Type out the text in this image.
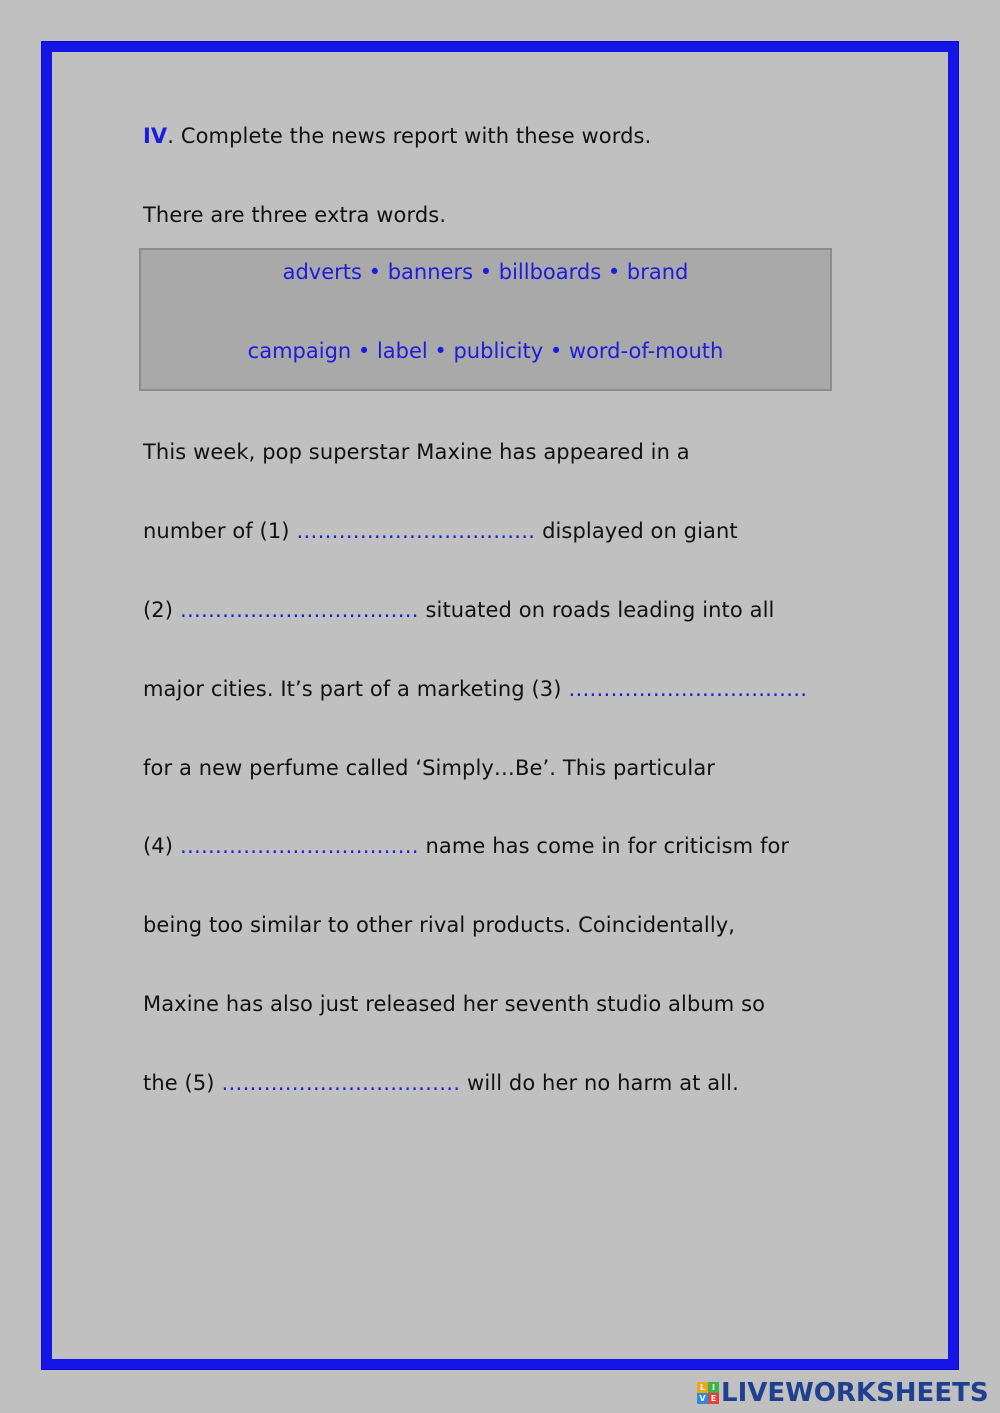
IV. Complete the news report with these words.
There are three extra words.
adverts • banners • billboards • brand
campaign • label • publicity • word-of-mouth
This week, pop superstar Maxine has appeared in a
number of (1) ……………………….…… displayed on giant
(2) ……………………….…… situated on roads leading into all
major cities. It’s part of a marketing (3) ……………………….……
for a new perfume called ‘Simply…Be’. This particular
(4) ……………………….…… name has come in for criticism for
being too similar to other rival products. Coincidentally,
Maxine has also just released her seventh studio album so
the (5) ……………………….…… will do her no harm at all.
L I
V E LIVEWORKSHEETS
